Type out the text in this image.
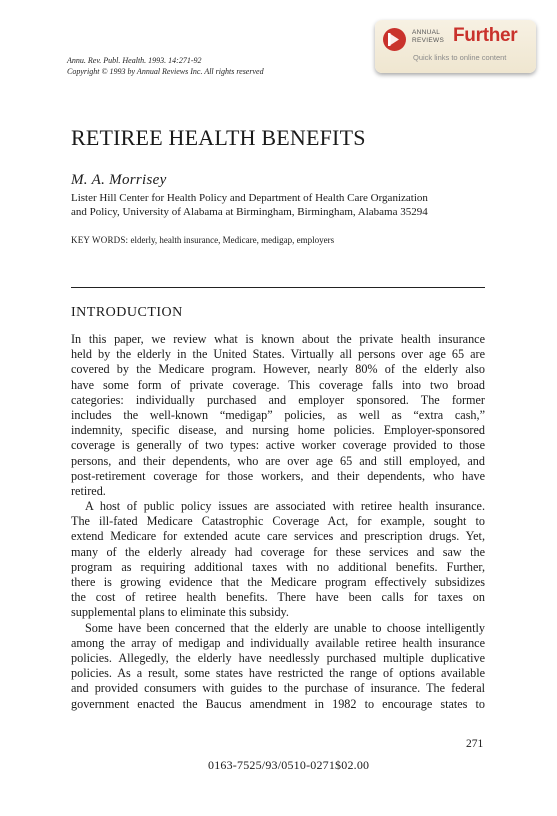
Annu. Rev. Publ. Health. 1993. 14:271-92
Copyright © 1993 by Annual Reviews Inc. All rights reserved
ANNUAL
REVIEWS Further
Quick links to online content
RETIREE HEALTH BENEFITS
M. A. Morrisey
Lister Hill Center for Health Policy and Department of Health Care Organization
and Policy, University of Alabama at Birmingham, Birmingham, Alabama 35294
KEY WORDS: elderly, health insurance, Medicare, medigap, employers
INTRODUCTION
In this paper, we review what is known about the private health insurance
held by the elderly in the United States. Virtually all persons over age 65 are
covered by the Medicare program. However, nearly 80% of the elderly also
have some form of private coverage. This coverage falls into two broad
categories: individually purchased and employer sponsored. The former
includes the well-known “medigap” policies, as well as “extra cash,”
indemnity, specific disease, and nursing home policies. Employer-sponsored
coverage is generally of two types: active worker coverage provided to those
persons, and their dependents, who are over age 65 and still employed, and
post-retirement coverage for those workers, and their dependents, who have
retired.
A host of public policy issues are associated with retiree health insurance.
The ill-fated Medicare Catastrophic Coverage Act, for example, sought to
extend Medicare for extended acute care services and prescription drugs. Yet,
many of the elderly already had coverage for these services and saw the
program as requiring additional taxes with no additional benefits. Further,
there is growing evidence that the Medicare program effectively subsidizes
the cost of retiree health benefits. There have been calls for taxes on
supplemental plans to eliminate this subsidy.
Some have been concerned that the elderly are unable to choose intelligently
among the array of medigap and individually available retiree health insurance
policies. Allegedly, the elderly have needlessly purchased multiple duplicative
policies. As a result, some states have restricted the range of options available
and provided consumers with guides to the purchase of insurance. The federal
government enacted the Baucus amendment in 1982 to encourage states to
271
0163-7525/93/0510-0271$02.00
